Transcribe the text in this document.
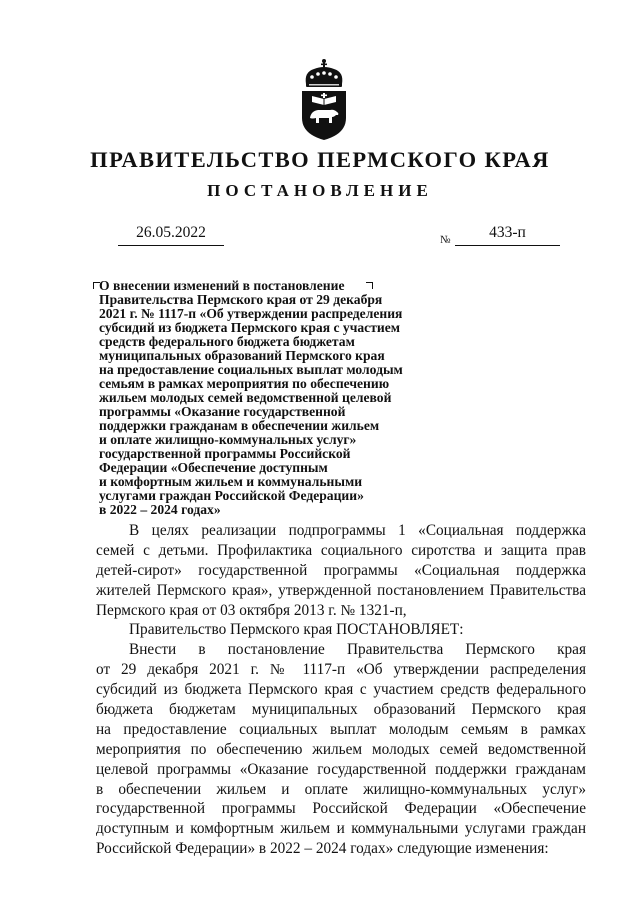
ПРАВИТЕЛЬСТВО ПЕРМСКОГО КРАЯ
ПОСТАНОВЛЕНИЕ
26.05.2022	№	433-п
О внесении изменений в постановление
Правительства Пермского края от 29 декабря
2021 г. № 1117-п «Об утверждении распределения
субсидий из бюджета Пермского края с участием
средств федерального бюджета бюджетам
муниципальных образований Пермского края
на предоставление социальных выплат молодым
семьям в рамках мероприятия по обеспечению
жильем молодых семей ведомственной целевой
программы «Оказание государственной
поддержки гражданам в обеспечении жильем
и оплате жилищно-коммунальных услуг»
государственной программы Российской
Федерации «Обеспечение доступным
и комфортным жильем и коммунальными
услугами граждан Российской Федерации»
в 2022 – 2024 годах»
В целях реализации подпрограммы 1 «Социальная поддержка
семей с детьми. Профилактика социального сиротства и защита прав
детей-сирот» государственной программы «Социальная поддержка
жителей Пермского края», утвержденной постановлением Правительства
Пермского края от 03 октября 2013 г. № 1321-п,
Правительство Пермского края ПОСТАНОВЛЯЕТ:
Внести в постановление Правительства Пермского края
от 29 декабря 2021 г. № 1117-п «Об утверждении распределения
субсидий из бюджета Пермского края с участием средств федерального
бюджета бюджетам муниципальных образований Пермского края
на предоставление социальных выплат молодым семьям в рамках
мероприятия по обеспечению жильем молодых семей ведомственной
целевой программы «Оказание государственной поддержки гражданам
в обеспечении жильем и оплате жилищно-коммунальных услуг»
государственной программы Российской Федерации «Обеспечение
доступным и комфортным жильем и коммунальными услугами граждан
Российской Федерации» в 2022 – 2024 годах» следующие изменения:
